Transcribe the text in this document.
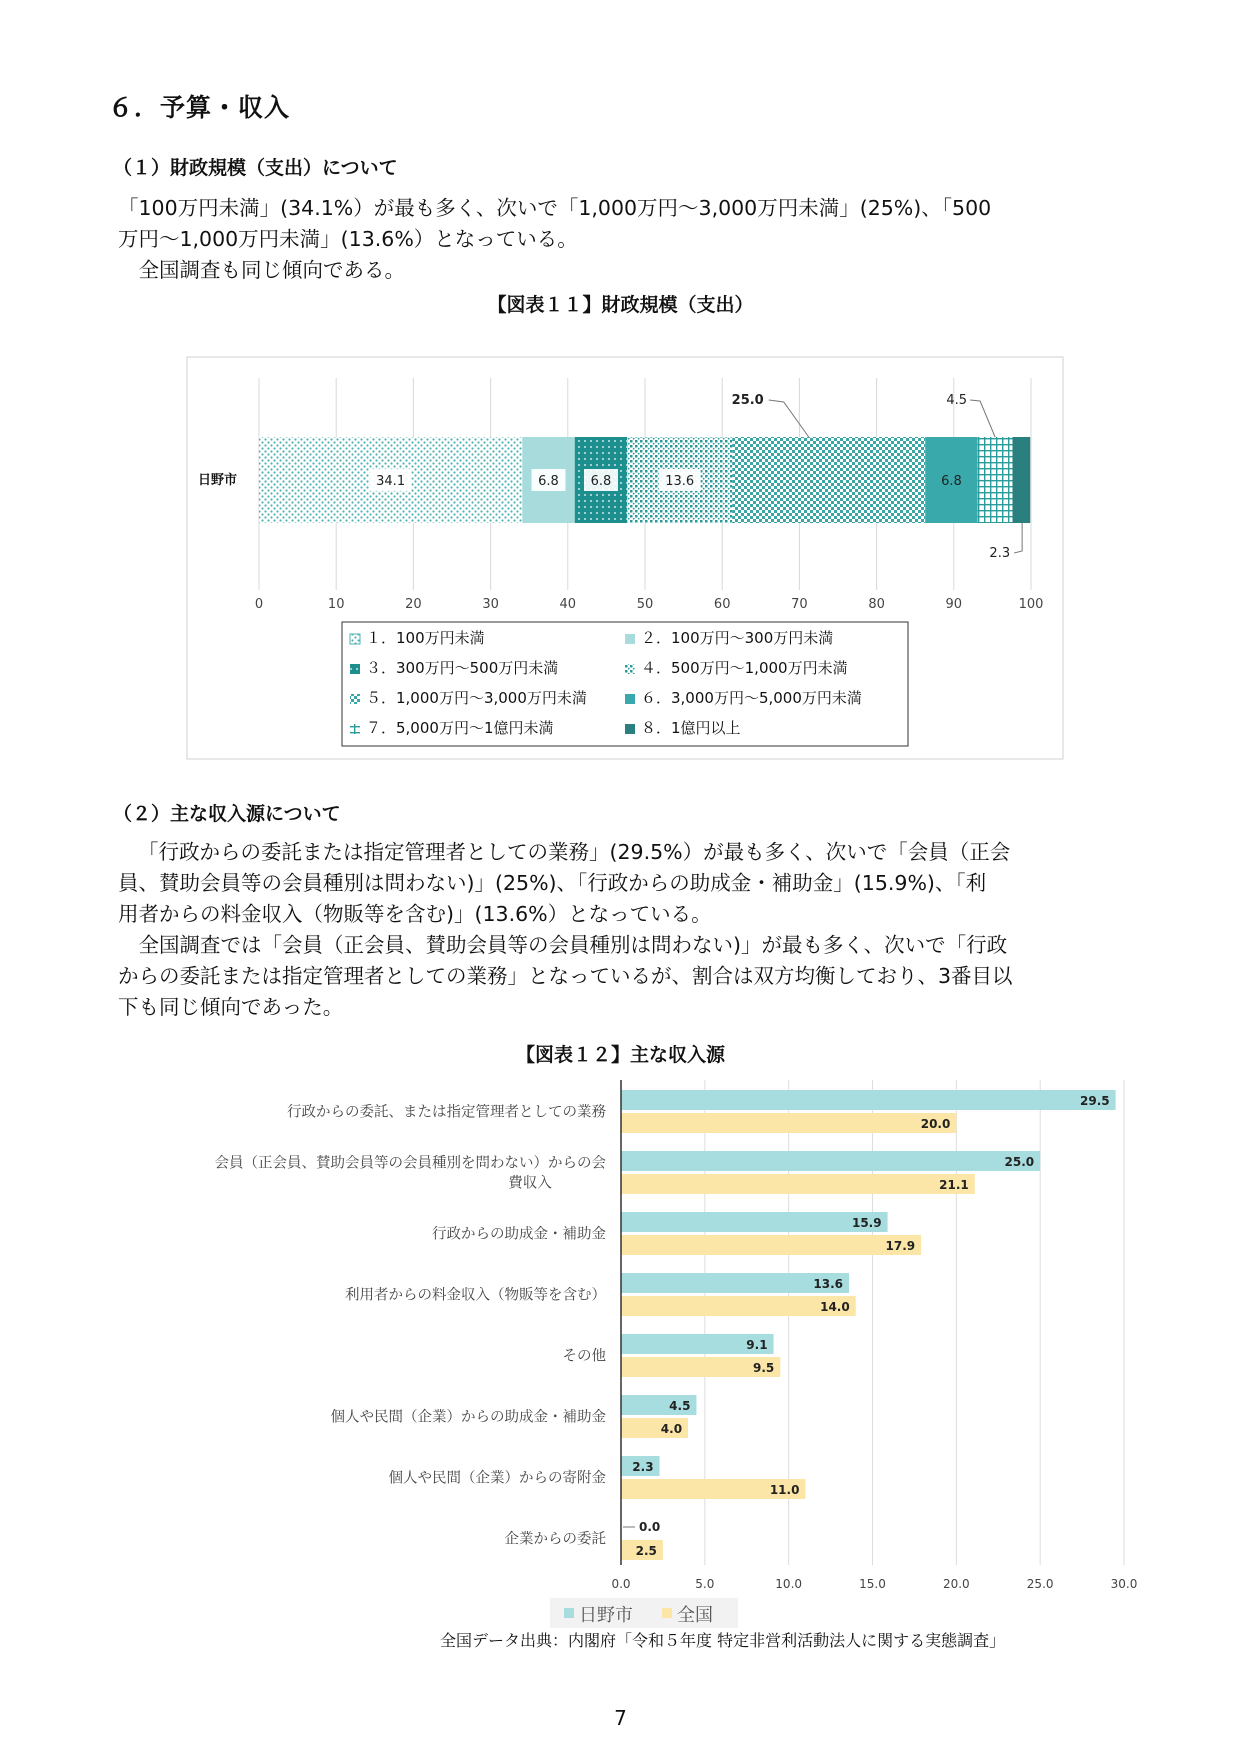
６．予算・収入
（１）財政規模（支出）について

「100万円未満」(34.1%）が最も多く、次いで「1,000万円～3,000万円未満」(25%)、「500

万円～1,000万円未満」(13.6%）となっている。

　全国調査も同じ傾向である。

【図表１１】財政規模（支出）
34.1	6.8 6.8	13.6	6.8
25.0	4.5
2.3
0	10	20	30	40	50	60	70	80	90	100
日野市
１．100万円未満	２．100万円～300万円未満
３．300万円～500万円未満	４．500万円～1,000万円未満
５．1,000万円～3,000万円未満	６．3,000万円～5,000万円未満
７．5,000万円～1億円未満	８．1億円以上
（２）主な収入源について

「行政からの委託または指定管理者としての業務」(29.5%）が最も多く、次いで「会員（正会

員、賛助会員等の会員種別は問わない)」(25%)、「行政からの助成金・補助金」(15.9%)、「利

用者からの料金収入（物販等を含む)」(13.6%）となっている。

　全国調査では「会員（正会員、賛助会員等の会員種別は問わない)」が最も多く、次いで「行政

からの委託または指定管理者としての業務」となっているが、割合は双方均衡しており、3番目以

下も同じ傾向であった。

【図表１２】主な収入源
29.5
20.0
25.0
21.1
15.9
17.9
13.6
14.0
9.1
9.5
4.5
4.0
2.3
11.0
0.0
2.5
行政からの委託、または指定管理者としての業務
会員（正会員、賛助会員等の会員種別を問わない）からの会
費収入
行政からの助成金・補助金
利用者からの料金収入（物販等を含む）
その他
個人や民間（企業）からの助成金・補助金
個人や民間（企業）からの寄附金
企業からの委託
0.0	5.0	10.0	15.0	20.0	25.0	30.0
日野市 全国
全国データ出典：内閣府「令和５年度 特定非営利活動法人に関する実態調査」
7
